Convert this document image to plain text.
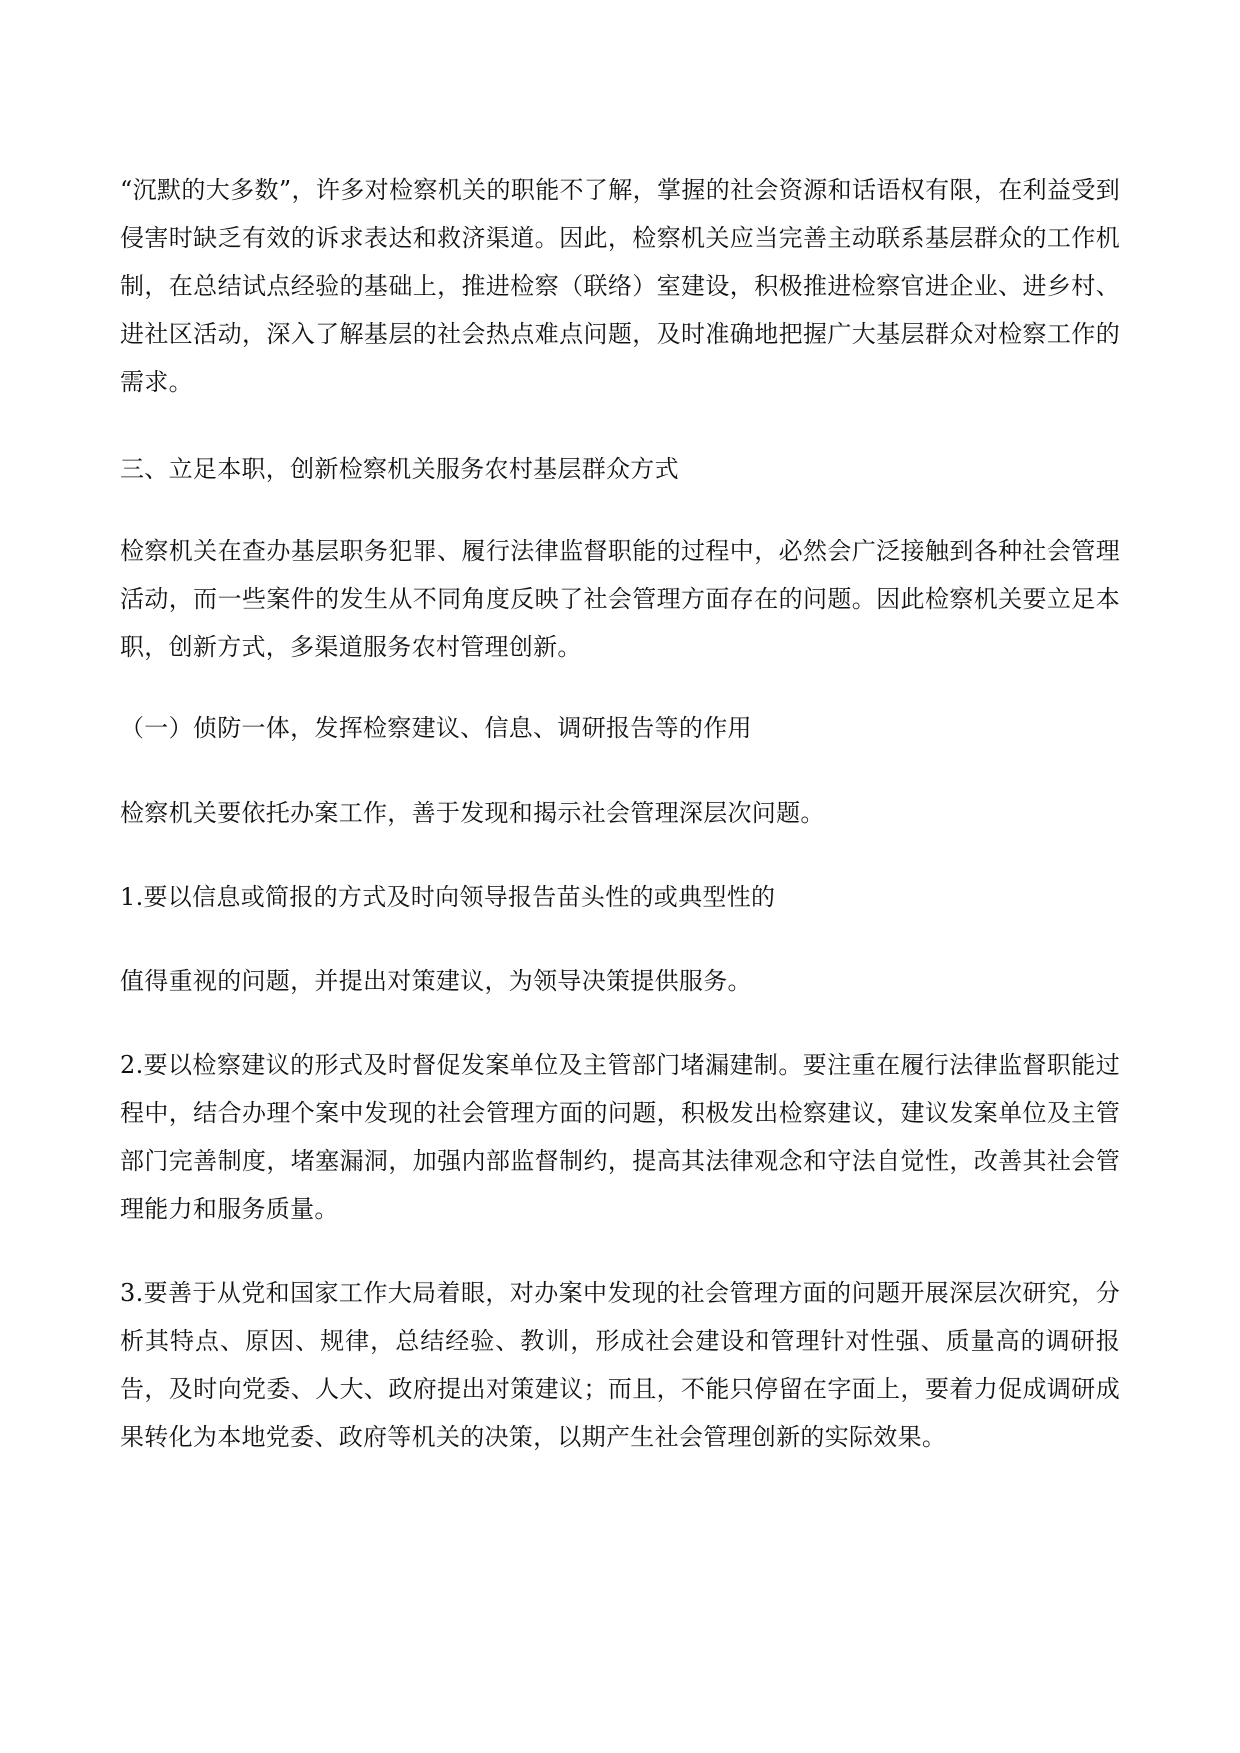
“沉默的大多数”，许多对检察机关的职能不了解，掌握的社会资源和话语权有限，在利益受到侵害时缺乏有效的诉求表达和救济渠道。因此，检察机关应当完善主动联系基层群众的工作机制，在总结试点经验的基础上，推进检察（联络）室建设，积极推进检察官进企业、进乡村、进社区活动，深入了解基层的社会热点难点问题，及时准确地把握广大基层群众对检察工作的需求。

三、立足本职，创新检察机关服务农村基层群众方式

检察机关在查办基层职务犯罪、履行法律监督职能的过程中，必然会广泛接触到各种社会管理活动，而一些案件的发生从不同角度反映了社会管理方面存在的问题。因此检察机关要立足本职，创新方式，多渠道服务农村管理创新。

（一）侦防一体，发挥检察建议、信息、调研报告等的作用

检察机关要依托办案工作，善于发现和揭示社会管理深层次问题。

1.要以信息或简报的方式及时向领导报告苗头性的或典型性的

值得重视的问题，并提出对策建议，为领导决策提供服务。

2.要以检察建议的形式及时督促发案单位及主管部门堵漏建制。要注重在履行法律监督职能过程中，结合办理个案中发现的社会管理方面的问题，积极发出检察建议，建议发案单位及主管部门完善制度，堵塞漏洞，加强内部监督制约，提高其法律观念和守法自觉性，改善其社会管理能力和服务质量。

3.要善于从党和国家工作大局着眼，对办案中发现的社会管理方面的问题开展深层次研究，分析其特点、原因、规律，总结经验、教训，形成社会建设和管理针对性强、质量高的调研报告，及时向党委、人大、政府提出对策建议；而且，不能只停留在字面上，要着力促成调研成果转化为本地党委、政府等机关的决策，以期产生社会管理创新的实际效果。
